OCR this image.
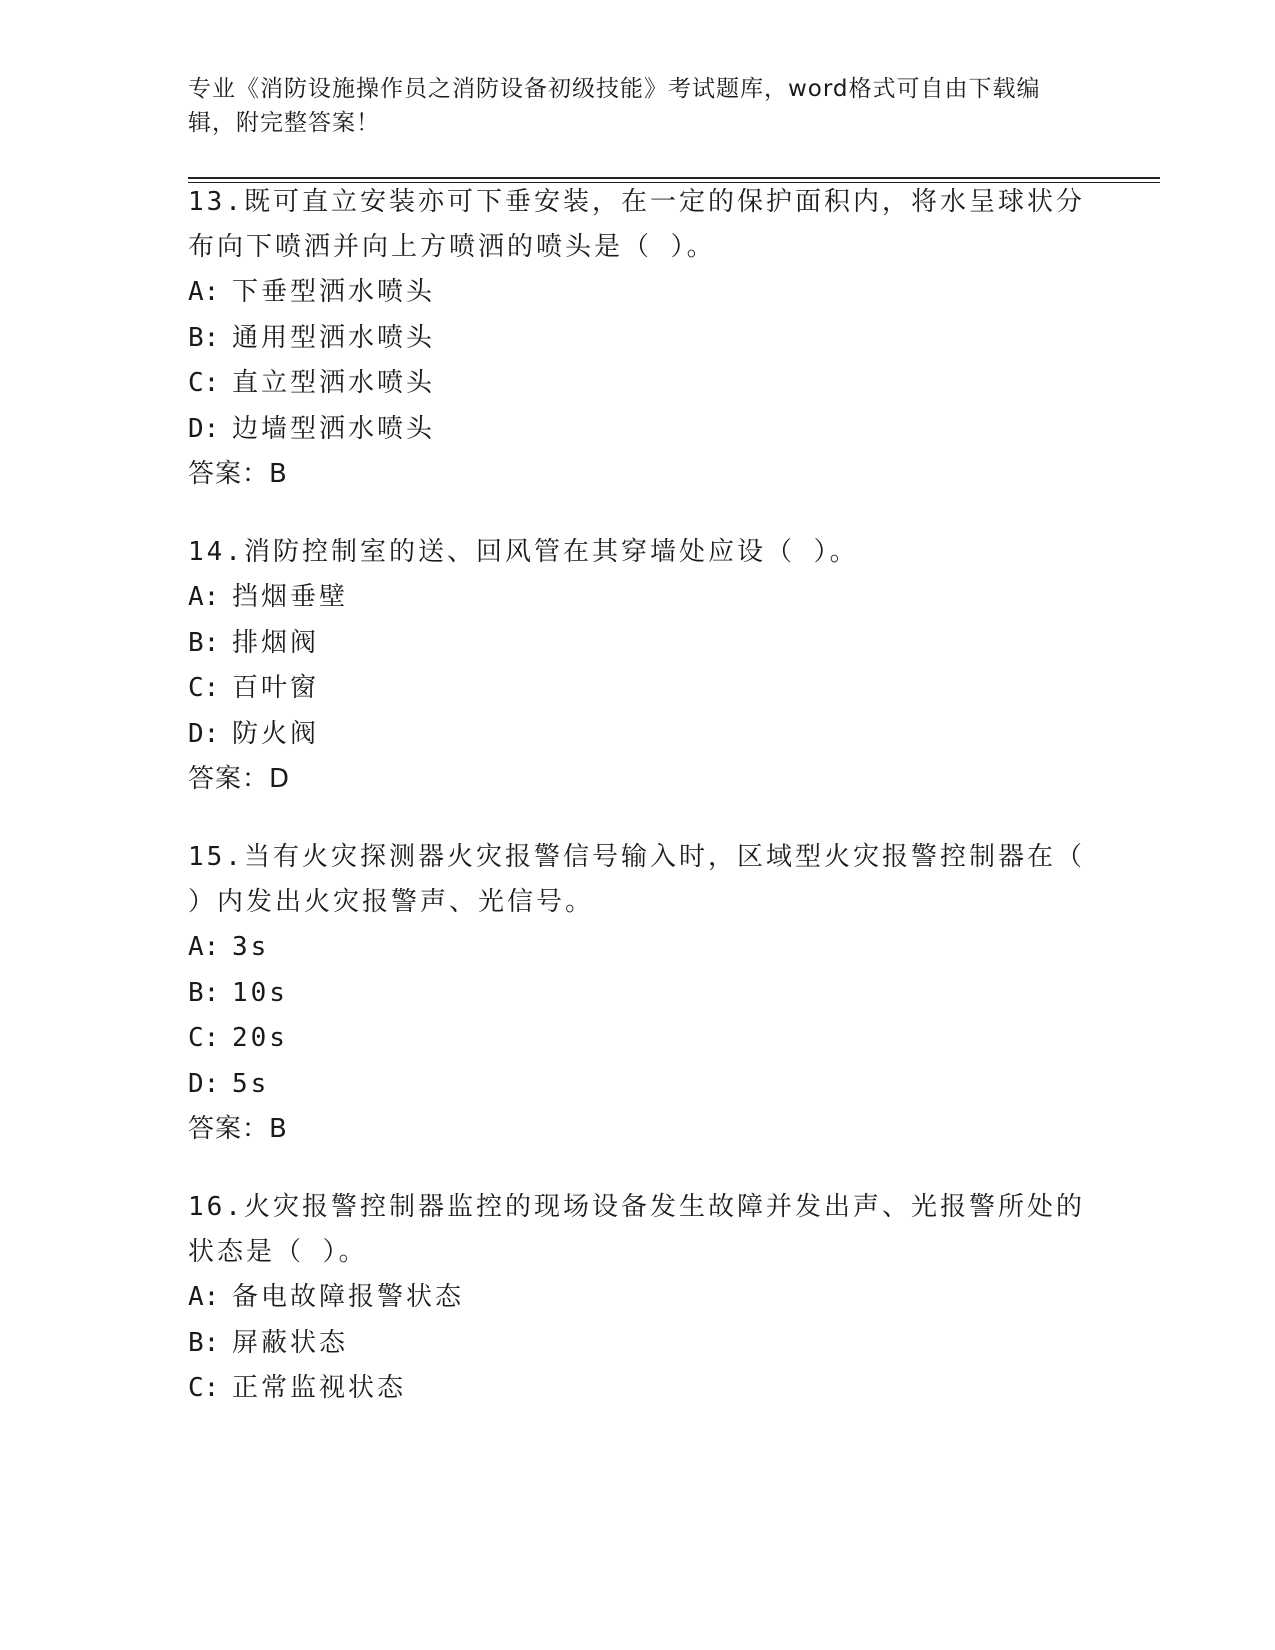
专业《消防设施操作员之消防设备初级技能》考试题库，word格式可自由下载编
辑，附完整答案！

13.既可直立安装亦可下垂安装，在一定的保护面积内，将水呈球状分

布向下喷洒并向上方喷洒的喷头是（ ）。

A: 下垂型洒水喷头

B: 通用型洒水喷头

C: 直立型洒水喷头

D: 边墙型洒水喷头

答案：B

14.消防控制室的送、回风管在其穿墙处应设（ ）。

A: 挡烟垂壁

B: 排烟阀

C: 百叶窗

D: 防火阀

答案：D

15.当有火灾探测器火灾报警信号输入时，区域型火灾报警控制器在（

）内发出火灾报警声、光信号。

A: 3s

B: 10s

C: 20s

D: 5s

答案：B

16.火灾报警控制器监控的现场设备发生故障并发出声、光报警所处的

状态是（ ）。

A: 备电故障报警状态

B: 屏蔽状态

C: 正常监视状态
